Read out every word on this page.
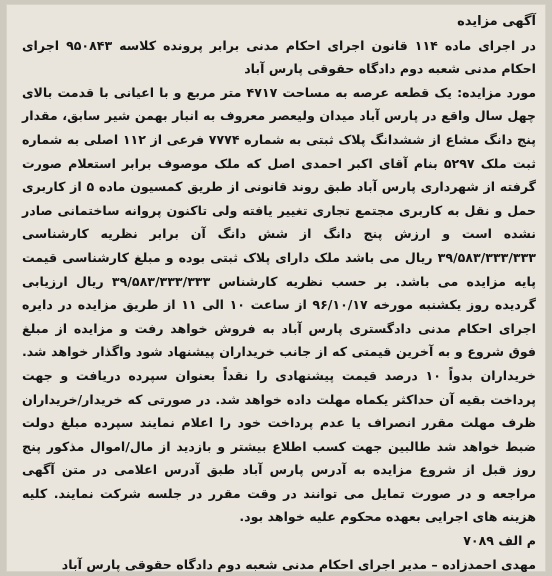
آگهی مزایده

در اجرای ماده ۱۱۴ قانون اجرای احکام مدنی برابر پرونده کلاسه ۹۵۰۸۴۳ اجرای احکام مدنی شعبه دوم دادگاه حقوقی پارس آباد

مورد مزایده: یک قطعه عرصه به مساحت ۴۷۱۷ متر مربع و با اعیانی با قدمت بالای چهل سال واقع در پارس آباد میدان ولیعصر معروف به انبار بهمن شیر سابق، مقدار پنج دانگ مشاع از ششدانگ پلاک ثبتی به شماره ۷۷۷۴ فرعی از ۱۱۲ اصلی به شماره ثبت ملک ۵۲۹۷ بنام آقای اکبر احمدی اصل که ملک موصوف برابر استعلام صورت گرفته از شهرداری پارس آباد طبق روند قانونی از طریق کمسیون ماده ۵ از کاربری حمل و نقل به کاربری مجتمع تجاری تغییر یافته ولی تاکنون پروانه ساختمانی صادر نشده است و ارزش پنج دانگ از شش دانگ آن برابر نظریه کارشناسی ۳۹/۵۸۳/۳۳۳/۳۳۳ ریال می باشد ملک دارای پلاک ثبتی بوده و مبلغ کارشناسی قیمت پایه مزایده می باشد. بر حسب نظریه کارشناس ۳۹/۵۸۳/۳۳۳/۳۳۳ ریال ارزیابی گردیده روز یکشنبه مورخه ۹۶/۱۰/۱۷ از ساعت ۱۰ الی ۱۱ از طریق مزایده در دایره اجرای احکام مدنی دادگستری پارس آباد به فروش خواهد رفت و مزایده از مبلغ فوق شروع و به آخرین قیمتی که از جانب خریداران پیشنهاد شود واگذار خواهد شد. خریداران بدواً ۱۰ درصد قیمت پیشنهادی را نقداً بعنوان سپرده دریافت و جهت پرداخت بقیه آن حداکثر یکماه مهلت داده خواهد شد. در صورتی که خریدار/خریداران ظرف مهلت مقرر انصراف یا عدم پرداخت خود را اعلام نمایند سپرده مبلغ دولت ضبط خواهد شد طالبین جهت کسب اطلاع بیشتر و بازدید از مال/اموال مذکور پنج روز قبل از شروع مزایده به آدرس پارس آباد طبق آدرس اعلامی در متن آگهی مراجعه و در صورت تمایل می توانند در وقت مقرر در جلسه شرکت نمایند. کلیه هزینه های اجرایی بعهده محکوم علیه خواهد بود.

م الف ۷۰۸۹

مهدی احمدزاده – مدیر اجرای احکام مدنی شعبه دوم دادگاه حقوقی پارس آباد
